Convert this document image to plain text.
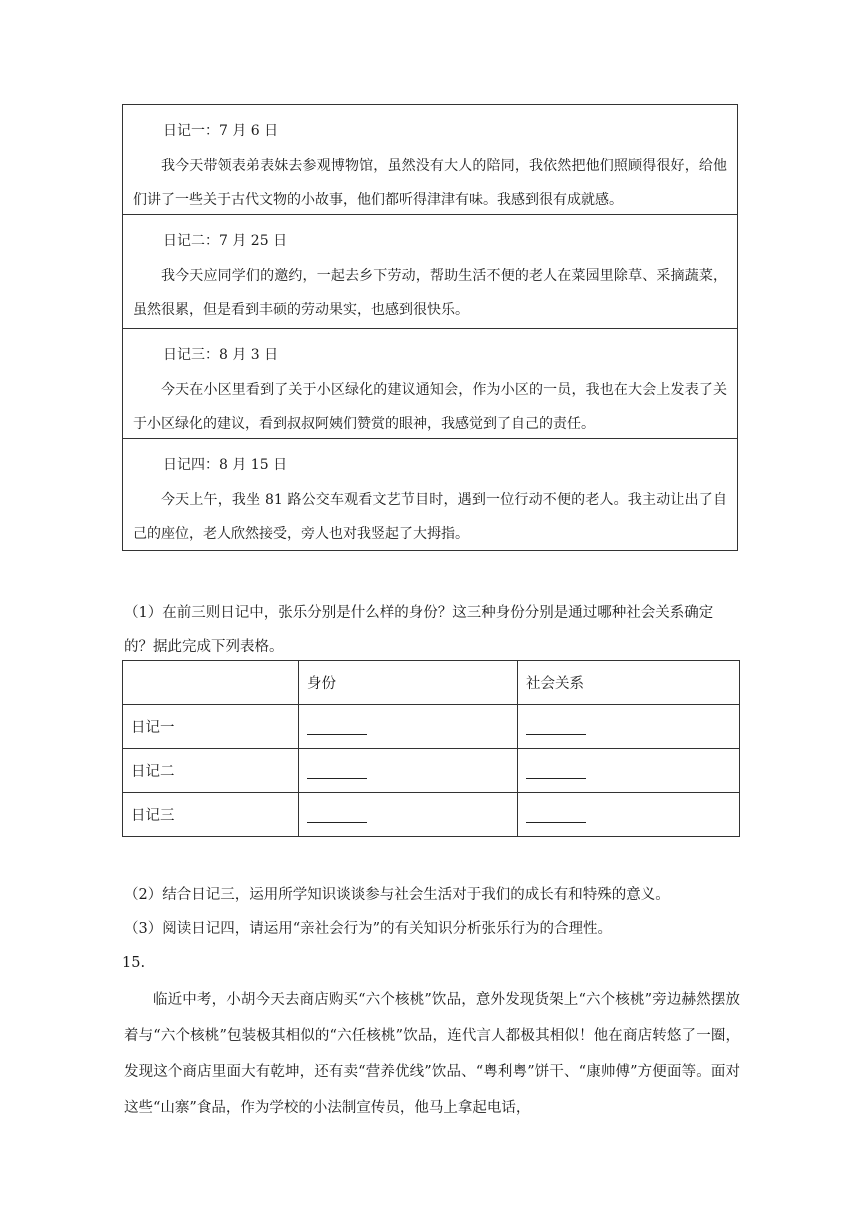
日记一：7 月 6 日
我今天带领表弟表妹去参观博物馆，虽然没有大人的陪同，我依然把他们照顾得很好，给他们讲了一些关于古代文物的小故事，他们都听得津津有味。我感到很有成就感。
日记二：7 月 25 日
我今天应同学们的邀约，一起去乡下劳动，帮助生活不便的老人在菜园里除草、采摘蔬菜，虽然很累，但是看到丰硕的劳动果实，也感到很快乐。
日记三：8 月 3 日
今天在小区里看到了关于小区绿化的建议通知会，作为小区的一员，我也在大会上发表了关于小区绿化的建议，看到叔叔阿姨们赞赏的眼神，我感觉到了自己的责任。
日记四：8 月 15 日
今天上午，我坐 81 路公交车观看文艺节目时，遇到一位行动不便的老人。我主动让出了自己的座位，老人欣然接受，旁人也对我竖起了大拇指。
（1）在前三则日记中，张乐分别是什么样的身份？这三种身份分别是通过哪种社会关系确定的？据此完成下列表格。
	身份	社会关系
日记一		
日记二		
日记三		
（2）结合日记三，运用所学知识谈谈参与社会生活对于我们的成长有和特殊的意义。
（3）阅读日记四，请运用“亲社会行为”的有关知识分析张乐行为的合理性。
15.
临近中考，小胡今天去商店购买“六个核桃”饮品，意外发现货架上“六个核桃”旁边赫然摆放着与“六个核桃”包装极其相似的“六任核桃”饮品，连代言人都极其相似！他在商店转悠了一圈，发现这个商店里面大有乾坤，还有卖“营养优线”饮品、“粤利粤”饼干、“康帅傅”方便面等。面对这些“山寨”食品，作为学校的小法制宣传员，他马上拿起电话，
